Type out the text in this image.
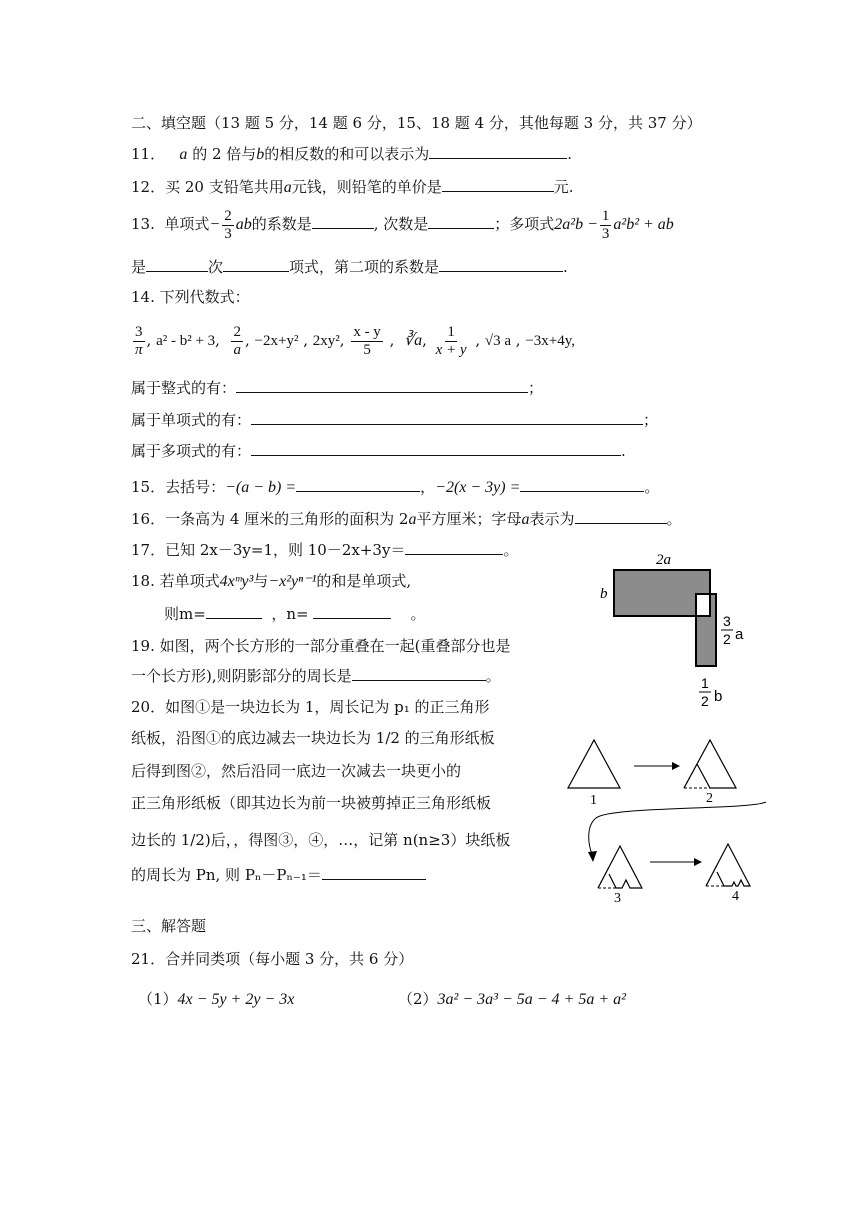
二、填空题（13 题 5 分，14 题 6 分，15、18 题 4 分，其他每题 3 分，共 37 分）
11． a 的 2 倍与b的相反数的和可以表示为	.
12．买 20 支铅笔共用a元钱，则铅笔的单价是	元.
13. 单项式− $\frac{2}{3}$ ab的系数是	, 次数是	；多项式$2a^2b - \frac{1}{3} a^2b^2$ + ab
是	次	项式，第二项的系数是	.
14. 下列代数式：
$\frac{3}{\pi}$ , a² - b² + 3, $\frac{2}{a}$ , −2x+y² , 2xy², $\frac{x - y}{5}$ ,  ∛a, $\frac{1}{x + y}$ , √3 a , −3x+4y,
属于整式的有：	；
属于单项式的有：	；
属于多项式的有：	.
15．去括号：−(a − b) =	，−2(x − 3y) =	。
16．一条高为 4 厘米的三角形的面积为 2a平方厘米；字母a表示为	。
17．已知 2x－3y=1，则 10－2x+3y＝	。
18. 若单项式4xᵐy³与−x²yⁿ⁻¹的和是单项式,
则m=	，n=	。
19. 如图，两个长方形的一部分重叠在一起(重叠部分也是
一个长方形),则阴影部分的周长是	。
2a
b
3
2 a
1
2 b
20．如图①是一块边长为 1，周长记为 p₁ 的正三角形
纸板，沿图①的底边减去一块边长为 1/2 的三角形纸板
后得到图②，然后沿同一底边一次减去一块更小的
正三角形纸板（即其边长为前一块被剪掉正三角形纸板
边长的 1/2)后，，得图③，④，…，记第 n(n≥3）块纸板
的周长为 Pn, 则 Pₙ－Pₙ₋₁＝
1	2
3	4
三、解答题
21．合并同类项（每小题 3 分，共 6 分）
（1）4x − 5y + 2y − 3x	（2）3a² − 3a³ − 5a − 4 + 5a + a²
